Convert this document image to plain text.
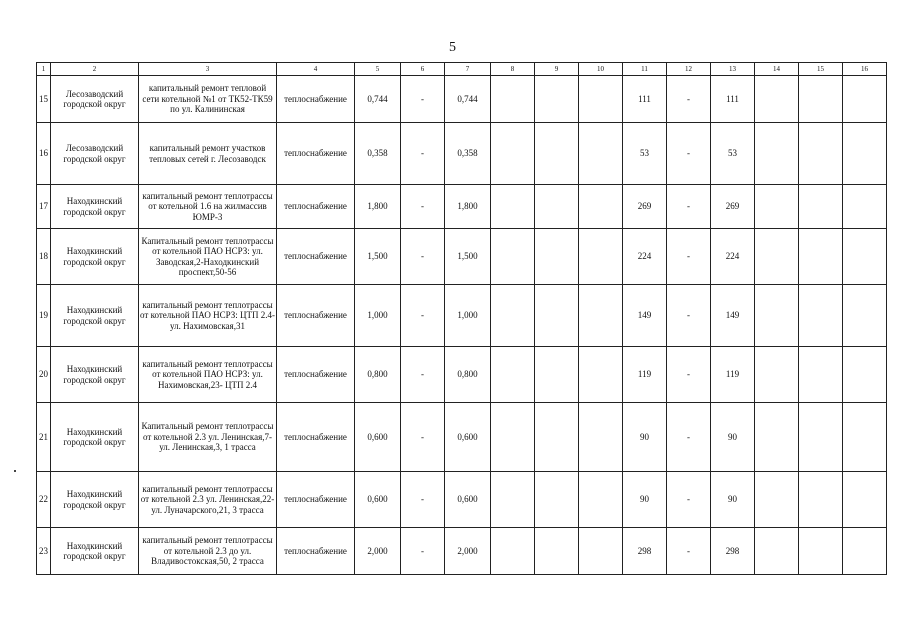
5
1	2	3	4	5	6	7	8	9	10	11	12	13	14	15	16
15	Лесозаводский городской округ	капитальный ремонт тепловой сети котельной №1 от ТК52-ТК59 по ул. Калининская	теплоснабжение	0,744	-	0,744				111	-	111			
16	Лесозаводский городской округ	капитальный ремонт участков тепловых сетей г. Лесозаводск	теплоснабжение	0,358	-	0,358				53	-	53			
17	Находкинский городской округ	капитальный ремонт теплотрассы от котельной 1.6 на жилмассив ЮМР-3	теплоснабжение	1,800	-	1,800				269	-	269			
18	Находкинский городской округ	Капитальный ремонт теплотрассы от котельной ПАО НСРЗ: ул. Заводская,2-Находкинский проспект,50-56	теплоснабжение	1,500	-	1,500				224	-	224			
19	Находкинский городской округ	капитальный ремонт теплотрассы от котельной ПАО НСРЗ: ЦТП 2.4- ул. Нахимовская,31	теплоснабжение	1,000	-	1,000				149	-	149			
20	Находкинский городской округ	капитальный ремонт теплотрассы от котельной ПАО НСРЗ: ул. Нахимовская,23- ЦТП 2.4	теплоснабжение	0,800	-	0,800				119	-	119			
21	Находкинский городской округ	Капитальный ремонт теплотрассы от котельной 2.3 ул. Ленинская,7- ул. Ленинская,3, 1 трасса	теплоснабжение	0,600	-	0,600				90	-	90			
22	Находкинский городской округ	капитальный ремонт теплотрассы от котельной 2.3 ул. Ленинская,22- ул. Луначарского,21, 3 трасса	теплоснабжение	0,600	-	0,600				90	-	90			
23	Находкинский городской округ	капитальный ремонт теплотрассы от котельной 2.3 до ул. Владивостокская,50, 2 трасса	теплоснабжение	2,000	-	2,000				298	-	298			
